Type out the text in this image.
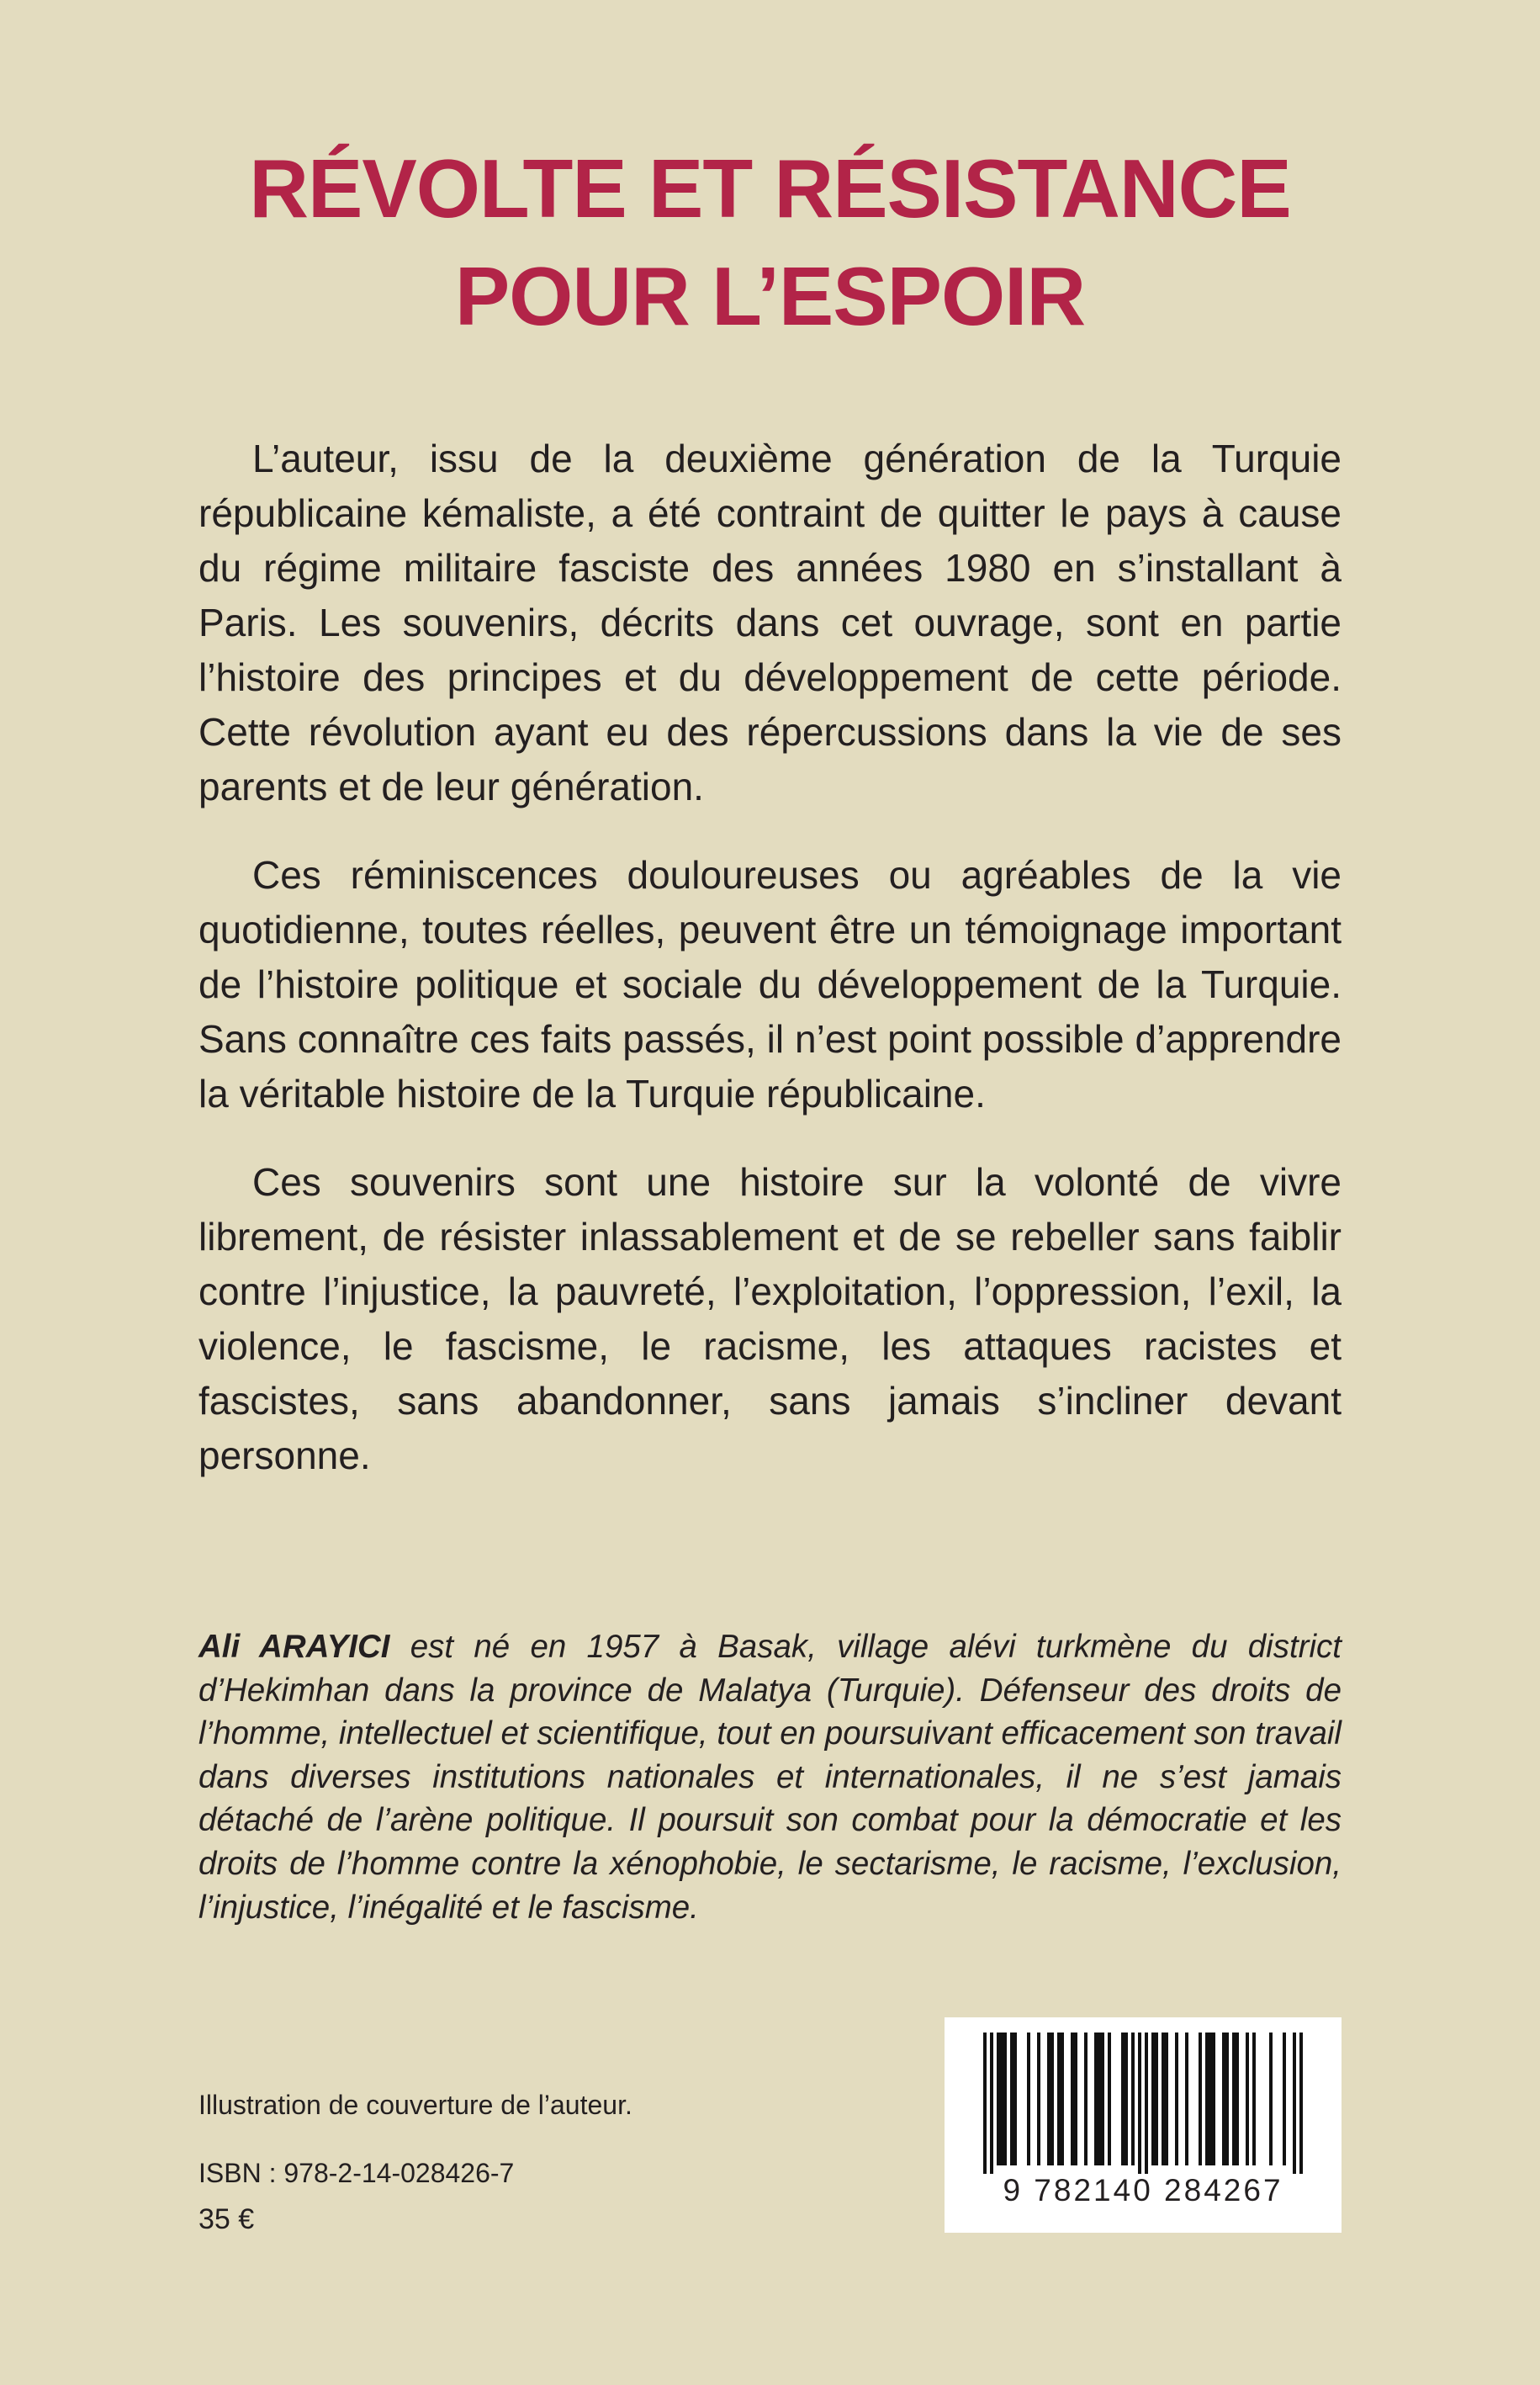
RÉVOLTE ET RÉSISTANCE
POUR L’ESPOIR

L’auteur, issu de la deuxième génération de la Turquie républicaine kémaliste, a été contraint de quitter le pays à cause du régime militaire fasciste des années 1980 en s’installant à Paris. Les souvenirs, décrits dans cet ouvrage, sont en partie l’histoire des principes et du développement de cette période. Cette révolution ayant eu des répercussions dans la vie de ses parents et de leur génération.

Ces réminiscences douloureuses ou agréables de la vie quotidienne, toutes réelles, peuvent être un témoignage important de l’histoire politique et sociale du développement de la Turquie. Sans connaître ces faits passés, il n’est point possible d’apprendre la véritable histoire de la Turquie républicaine.

Ces souvenirs sont une histoire sur la volonté de vivre librement, de résister inlassablement et de se rebeller sans faiblir contre l’injustice, la pauvreté, l’exploitation, l’oppression, l’exil, la violence, le fascisme, le racisme, les attaques racistes et fascistes, sans abandonner, sans jamais s’incliner devant personne.

Ali ARAYICI est né en 1957 à Basak, village alévi turkmène du district d’Hekimhan dans la province de Malatya (Turquie). Défenseur des droits de l’homme, intellectuel et scientifique, tout en poursuivant efficacement son travail dans diverses institutions nationales et internationales, il ne s’est jamais détaché de l’arène politique. Il poursuit son combat pour la démocratie et les droits de l’homme contre la xénophobie, le sectarisme, le racisme, l’exclusion, l’injustice, l’inégalité et le fascisme.
Illustration de couverture de l’auteur.
ISBN : 978-2-14-028426-7
35 €
9 782140 284267
